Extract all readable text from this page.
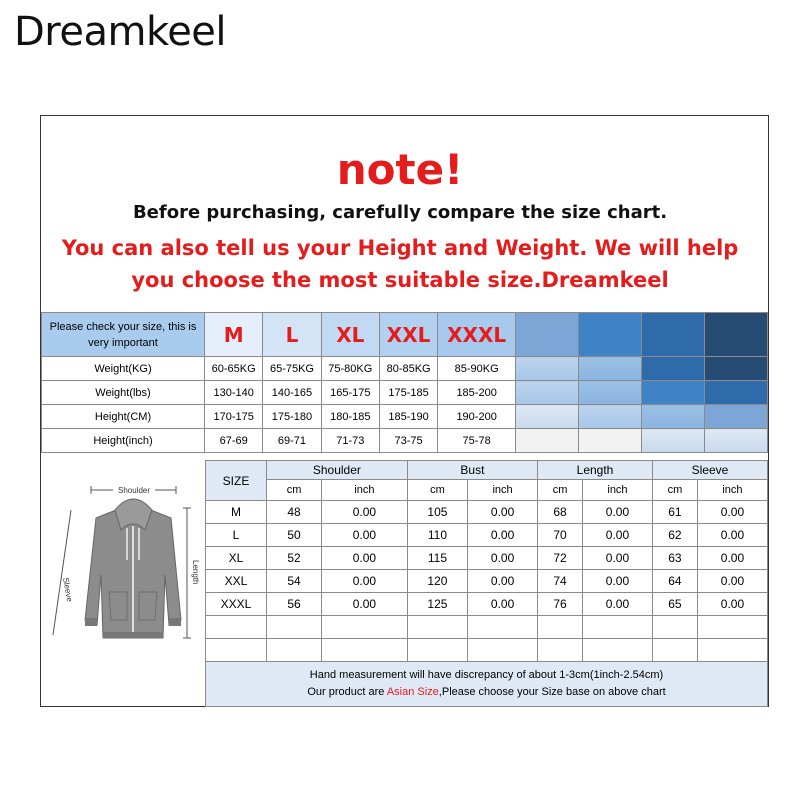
Dreamkeel
note!
Before purchasing, carefully compare the size chart.
You can also tell us your Height and Weight. We will help
you choose the most suitable size.Dreamkeel
Please check your size, this is very important	M	L	XL	XXL	XXXL				
Weight(KG)	60-65KG	65-75KG	75-80KG	80-85KG	85-90KG				
Weight(lbs)	130-140	140-165	165-175	175-185	185-200				
Height(CM)	170-175	175-180	180-185	185-190	190-200				
Height(inch)	67-69	69-71	71-73	73-75	75-78				
Shoulder
Sleeve
Length
SIZE	Shoulder		Bust		Length		Sleeve	
	cm	inch	cm	inch	cm	inch	cm	inch
M	48	0.00	105	0.00	68	0.00	61	0.00
L	50	0.00	110	0.00	70	0.00	62	0.00
XL	52	0.00	115	0.00	72	0.00	63	0.00
XXL	54	0.00	120	0.00	74	0.00	64	0.00
XXXL	56	0.00	125	0.00	76	0.00	65	0.00

Hand measurement will have discrepancy of about 1-3cm(1inch-2.54cm)
Our product are Asian Size,Please choose your Size base on above chart								
